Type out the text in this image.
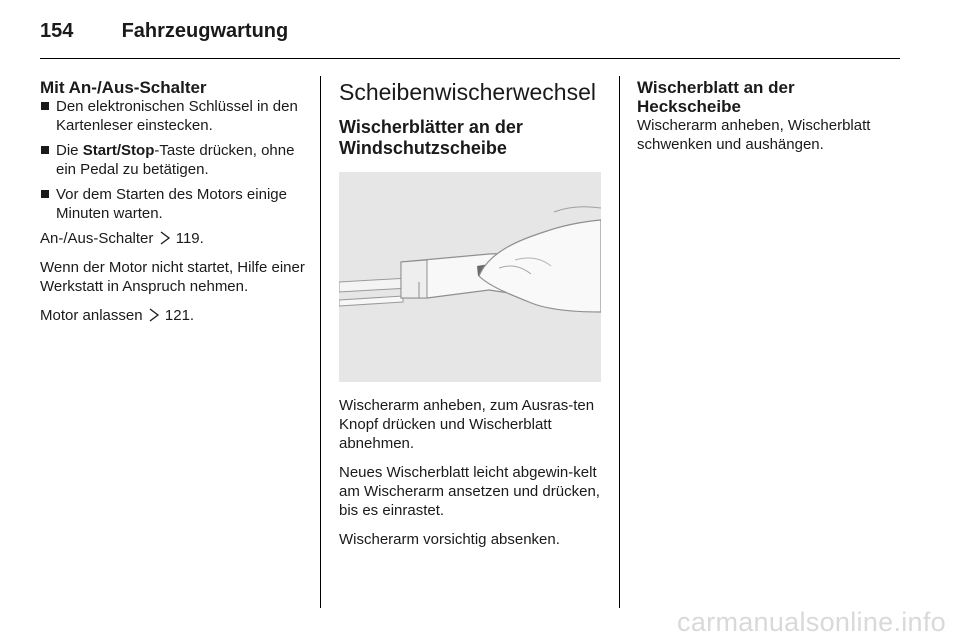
154 Fahrzeugwartung
Mit An-/Aus-Schalter
Den elektronischen Schlüssel in den Kartenleser einstecken.
Die Start/Stop-Taste drücken, ohne ein Pedal zu betätigen.
Vor dem Starten des Motors einige Minuten warten.

An-/Aus-Schalter 119.

Wenn der Motor nicht startet, Hilfe einer Werkstatt in Anspruch nehmen.

Motor anlassen 121.

Scheibenwischerwechsel
Wischerblätter an der Windschutzscheibe

Wischerarm anheben, zum Ausras-ten Knopf drücken und Wischerblatt abnehmen.

Neues Wischerblatt leicht abgewin-kelt am Wischerarm ansetzen und drücken, bis es einrastet.

Wischerarm vorsichtig absenken.

Wischerblatt an der Heckscheibe

Wischerarm anheben, Wischerblatt schwenken und aushängen.

carmanualsonline.info
